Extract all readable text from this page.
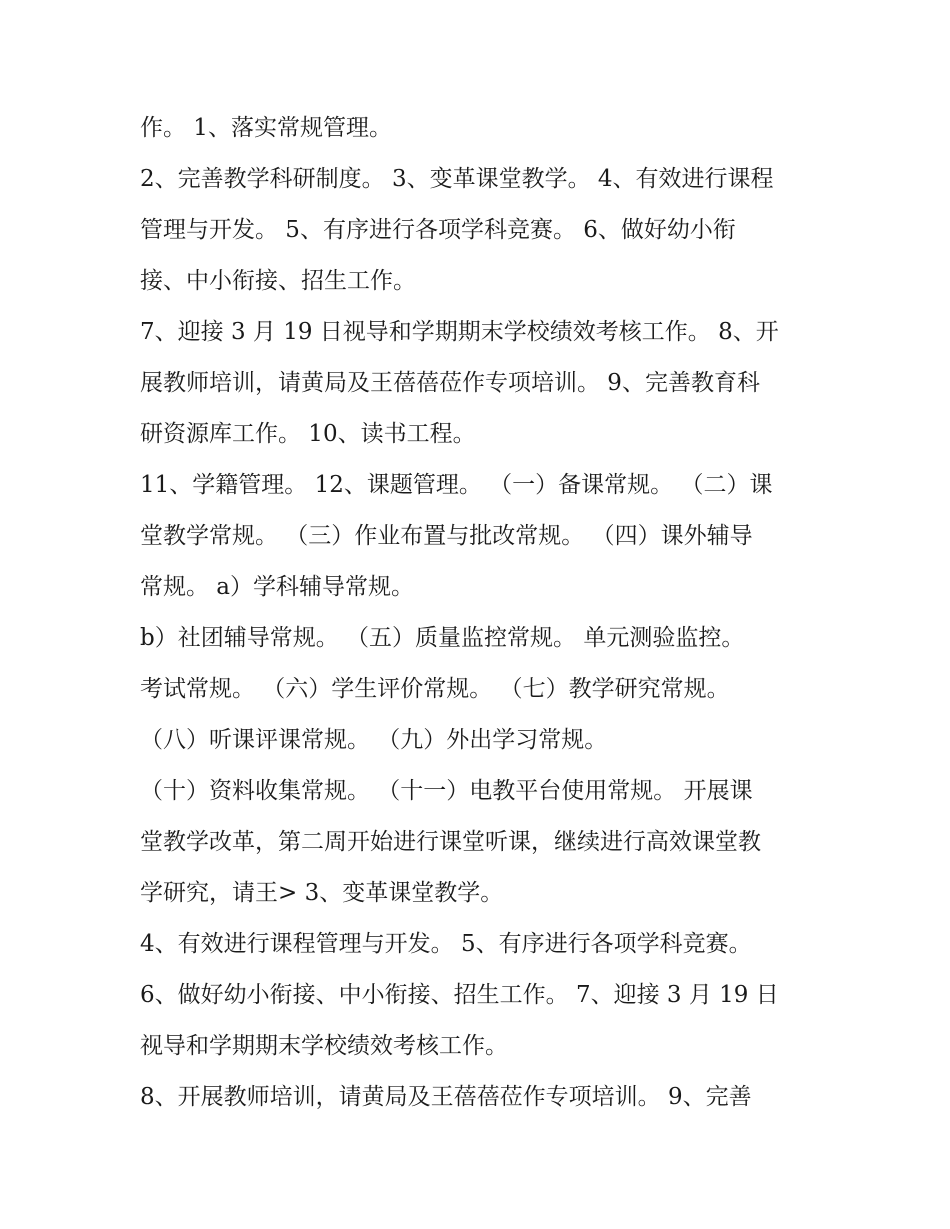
作。 1、落实常规管理。
2、完善教学科研制度。 3、变革课堂教学。 4、有效进行课程
管理与开发。 5、有序进行各项学科竞赛。 6、做好幼小衔
接、中小衔接、招生工作。
7、迎接 3 月 19 日视导和学期期末学校绩效考核工作。 8、开
展教师培训，请黄局及王蓓蓓莅作专项培训。 9、完善教育科
研资源库工作。 10、读书工程。
11、学籍管理。 12、课题管理。 （一）备课常规。 （二）课
堂教学常规。 （三）作业布置与批改常规。 （四）课外辅导
常规。 a）学科辅导常规。
b）社团辅导常规。 （五）质量监控常规。 单元测验监控。
考试常规。 （六）学生评价常规。 （七）教学研究常规。
（八）听课评课常规。 （九）外出学习常规。
（十）资料收集常规。 （十一）电教平台使用常规。 开展课
堂教学改革，第二周开始进行课堂听课，继续进行高效课堂教
学研究，请王> 3、变革课堂教学。
4、有效进行课程管理与开发。 5、有序进行各项学科竞赛。
6、做好幼小衔接、中小衔接、招生工作。 7、迎接 3 月 19 日
视导和学期期末学校绩效考核工作。
8、开展教师培训，请黄局及王蓓蓓莅作专项培训。 9、完善
